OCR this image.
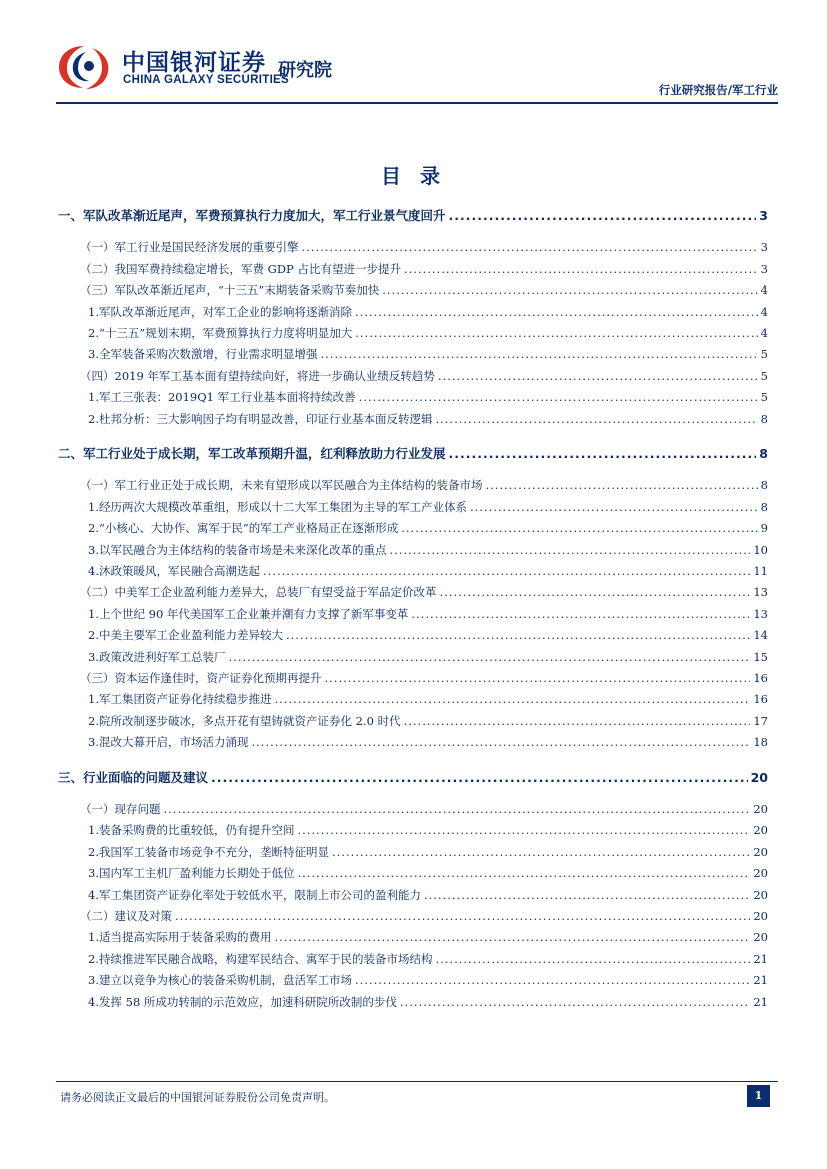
中国银河证券
CHINA GALAXY SECURITIES
研究院
行业研究报告/军工行业
目 录
一、军队改革渐近尾声，军费预算执行力度加大，军工行业景气度回升 .....	3
（一）军工行业是国民经济发展的重要引擎 .....	3
（二）我国军费持续稳定增长，军费 GDP 占比有望进一步提升 .....	3
（三）军队改革渐近尾声，“十三五”末期装备采购节奏加快 .....	4
1.军队改革渐近尾声，对军工企业的影响将逐渐消除 .....	4
2.“十三五”规划末期，军费预算执行力度将明显加大 .....	4
3.全军装备采购次数激增，行业需求明显增强 .....	5
（四）2019 年军工基本面有望持续向好，将进一步确认业绩反转趋势 .....	5
1.军工三张表：2019Q1 军工行业基本面将持续改善 .....	5
2.杜邦分析：三大影响因子均有明显改善，印证行业基本面反转逻辑 .....	8
二、军工行业处于成长期，军工改革预期升温，红利释放助力行业发展 .....	8
（一）军工行业正处于成长期，未来有望形成以军民融合为主体结构的装备市场 .....	8
1.经历两次大规模改革重组，形成以十二大军工集团为主导的军工产业体系 .....	8
2.“小核心、大协作、寓军于民”的军工产业格局正在逐渐形成 .....	9
3.以军民融合为主体结构的装备市场是未来深化改革的重点 .....	10
4.沐政策暖风，军民融合高潮迭起 .....	11
（二）中美军工企业盈利能力差异大，总装厂有望受益于军品定价改革 .....	13
1.上个世纪 90 年代美国军工企业兼并潮有力支撑了新军事变革 .....	13
2.中美主要军工企业盈利能力差异较大 .....	14
3.政策改进利好军工总装厂 .....	15
（三）资本运作逢佳时，资产证券化预期再提升 .....	16
1.军工集团资产证券化持续稳步推进 .....	16
2.院所改制逐步破冰，多点开花有望铸就资产证券化 2.0 时代 .....	17
3.混改大幕开启，市场活力涌现 .....	18
三、行业面临的问题及建议 .....	20
（一）现存问题 .....	20
1.装备采购费的比重较低，仍有提升空间 .....	20
2.我国军工装备市场竞争不充分，垄断特征明显 .....	20
3.国内军工主机厂盈利能力长期处于低位 .....	20
4.军工集团资产证券化率处于较低水平，限制上市公司的盈利能力 .....	20
（二）建议及对策 .....	20
1.适当提高实际用于装备采购的费用 .....	20
2.持续推进军民融合战略，构建军民结合、寓军于民的装备市场结构 .....	21
3.建立以竞争为核心的装备采购机制，盘活军工市场 .....	21
4.发挥 58 所成功转制的示范效应，加速科研院所改制的步伐 .....	21
请务必阅读正文最后的中国银河证券股份公司免责声明。	1
